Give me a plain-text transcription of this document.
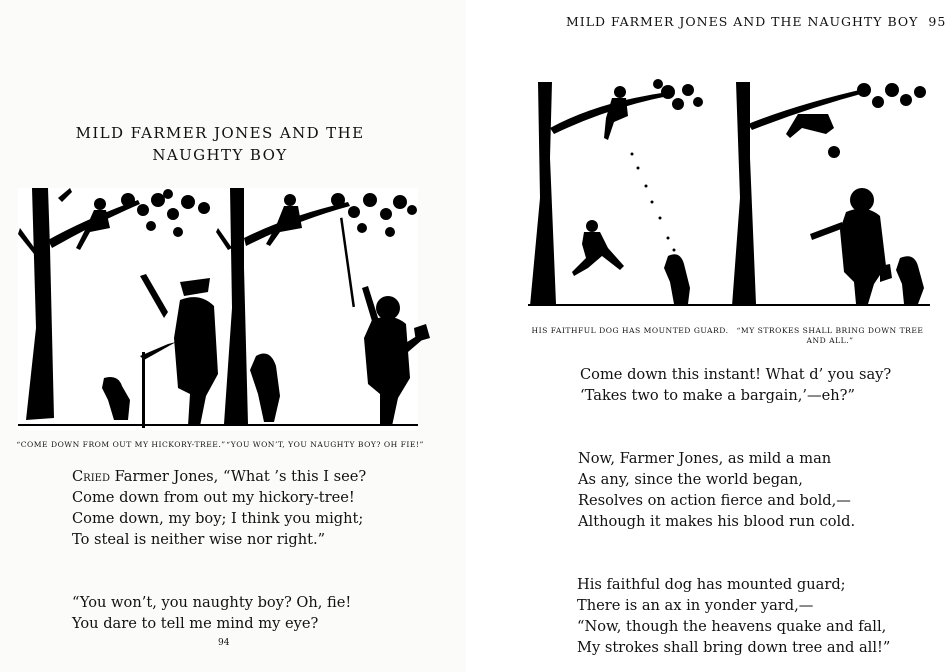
MILD FARMER JONES AND THE NAUGHTY BOY
“COME DOWN FROM OUT MY HICKORY-TREE.” “YOU WON’T, YOU NAUGHTY BOY? OH FIE!”
Cried Farmer Jones, “What ’s this I see?
Come down from out my hickory-tree!
Come down, my boy; I think you might;
To steal is neither wise nor right.”
“You won’t, you naughty boy? Oh, fie!
You dare to tell me mind my eye?
94
MILD FARMER JONES AND THE NAUGHTY BOY 95
HIS FAITHFUL DOG HAS MOUNTED GUARD.	“MY STROKES SHALL BRING DOWN TREE
AND ALL.”
Come down this instant! What d’ you say?
‘Takes two to make a bargain,’—eh?”
Now, Farmer Jones, as mild a man
As any, since the world began,
Resolves on action fierce and bold,—
Although it makes his blood run cold.
His faithful dog has mounted guard;
There is an ax in yonder yard,—
“Now, though the heavens quake and fall,
My strokes shall bring down tree and all!”
